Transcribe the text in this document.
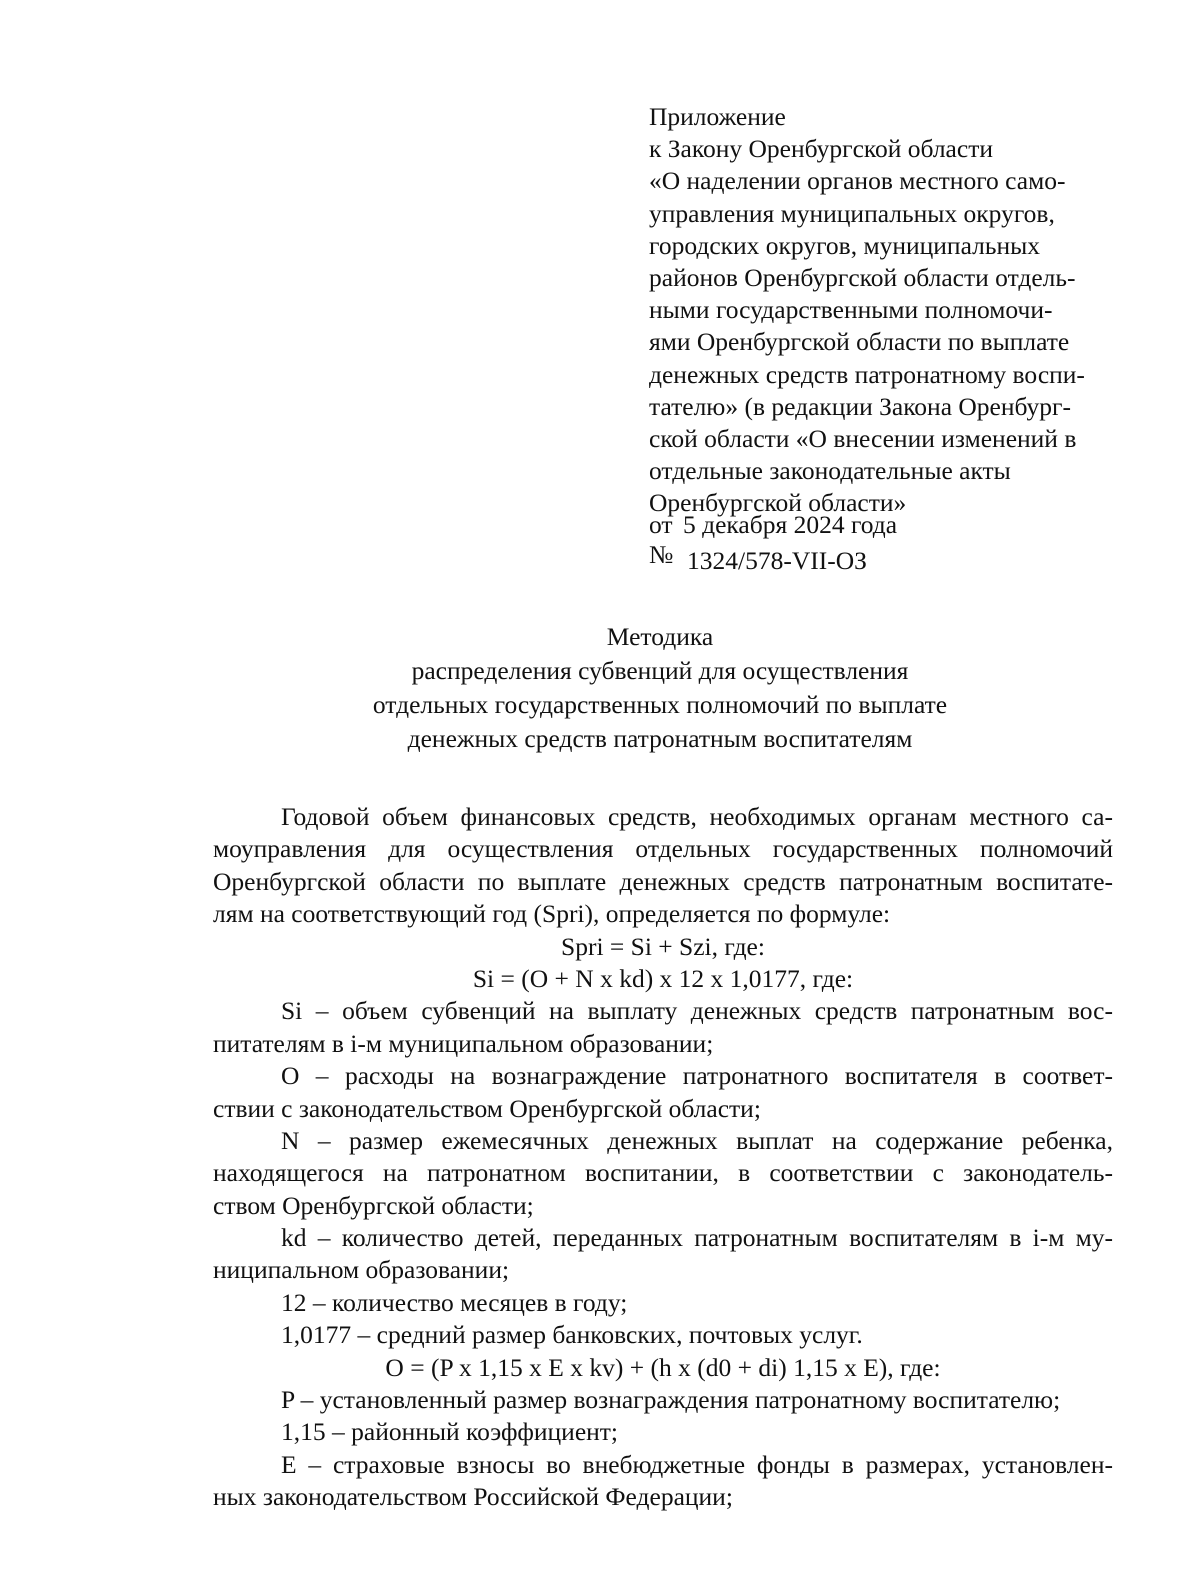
Приложение
к Закону Оренбургской области
«О наделении органов местного само-
управления муниципальных округов,
городских округов, муниципальных
районов Оренбургской области отдель-
ными государственными полномочи-
ями Оренбургской области по выплате
денежных средств патронатному воспи-
тателю» (в редакции Закона Оренбург-
ской области «О внесении изменений в
отдельные законодательные акты
Оренбургской области»
от 5 декабря 2024 года
№ 1324/578-VII-ОЗ
Методика
распределения субвенций для осуществления
отдельных государственных полномочий по выплате
денежных средств патронатным воспитателям
Годовой объем финансовых средств, необходимых органам местного са-
моуправления для осуществления отдельных государственных полномочий
Оренбургской области по выплате денежных средств патронатным воспитате-
лям на соответствующий год (Spri), определяется по формуле:
Spri = Si + Szi, где:
Si = (O + N x kd) x 12 x 1,0177, где:
Si – объем субвенций на выплату денежных средств патронатным вос-
питателям в i-м муниципальном образовании;
O – расходы на вознаграждение патронатного воспитателя в соответ-
ствии с законодательством Оренбургской области;
N – размер ежемесячных денежных выплат на содержание ребенка,
находящегося на патронатном воспитании, в соответствии с законодатель-
ством Оренбургской области;
kd – количество детей, переданных патронатным воспитателям в i-м му-
ниципальном образовании;
12 – количество месяцев в году;
1,0177 – средний размер банковских, почтовых услуг.
O = (P x 1,15 x E x kv) + (h x (d0 + di) 1,15 x E), где:
P – установленный размер вознаграждения патронатному воспитателю;
1,15 – районный коэффициент;
E – страховые взносы во внебюджетные фонды в размерах, установлен-
ных законодательством Российской Федерации;
